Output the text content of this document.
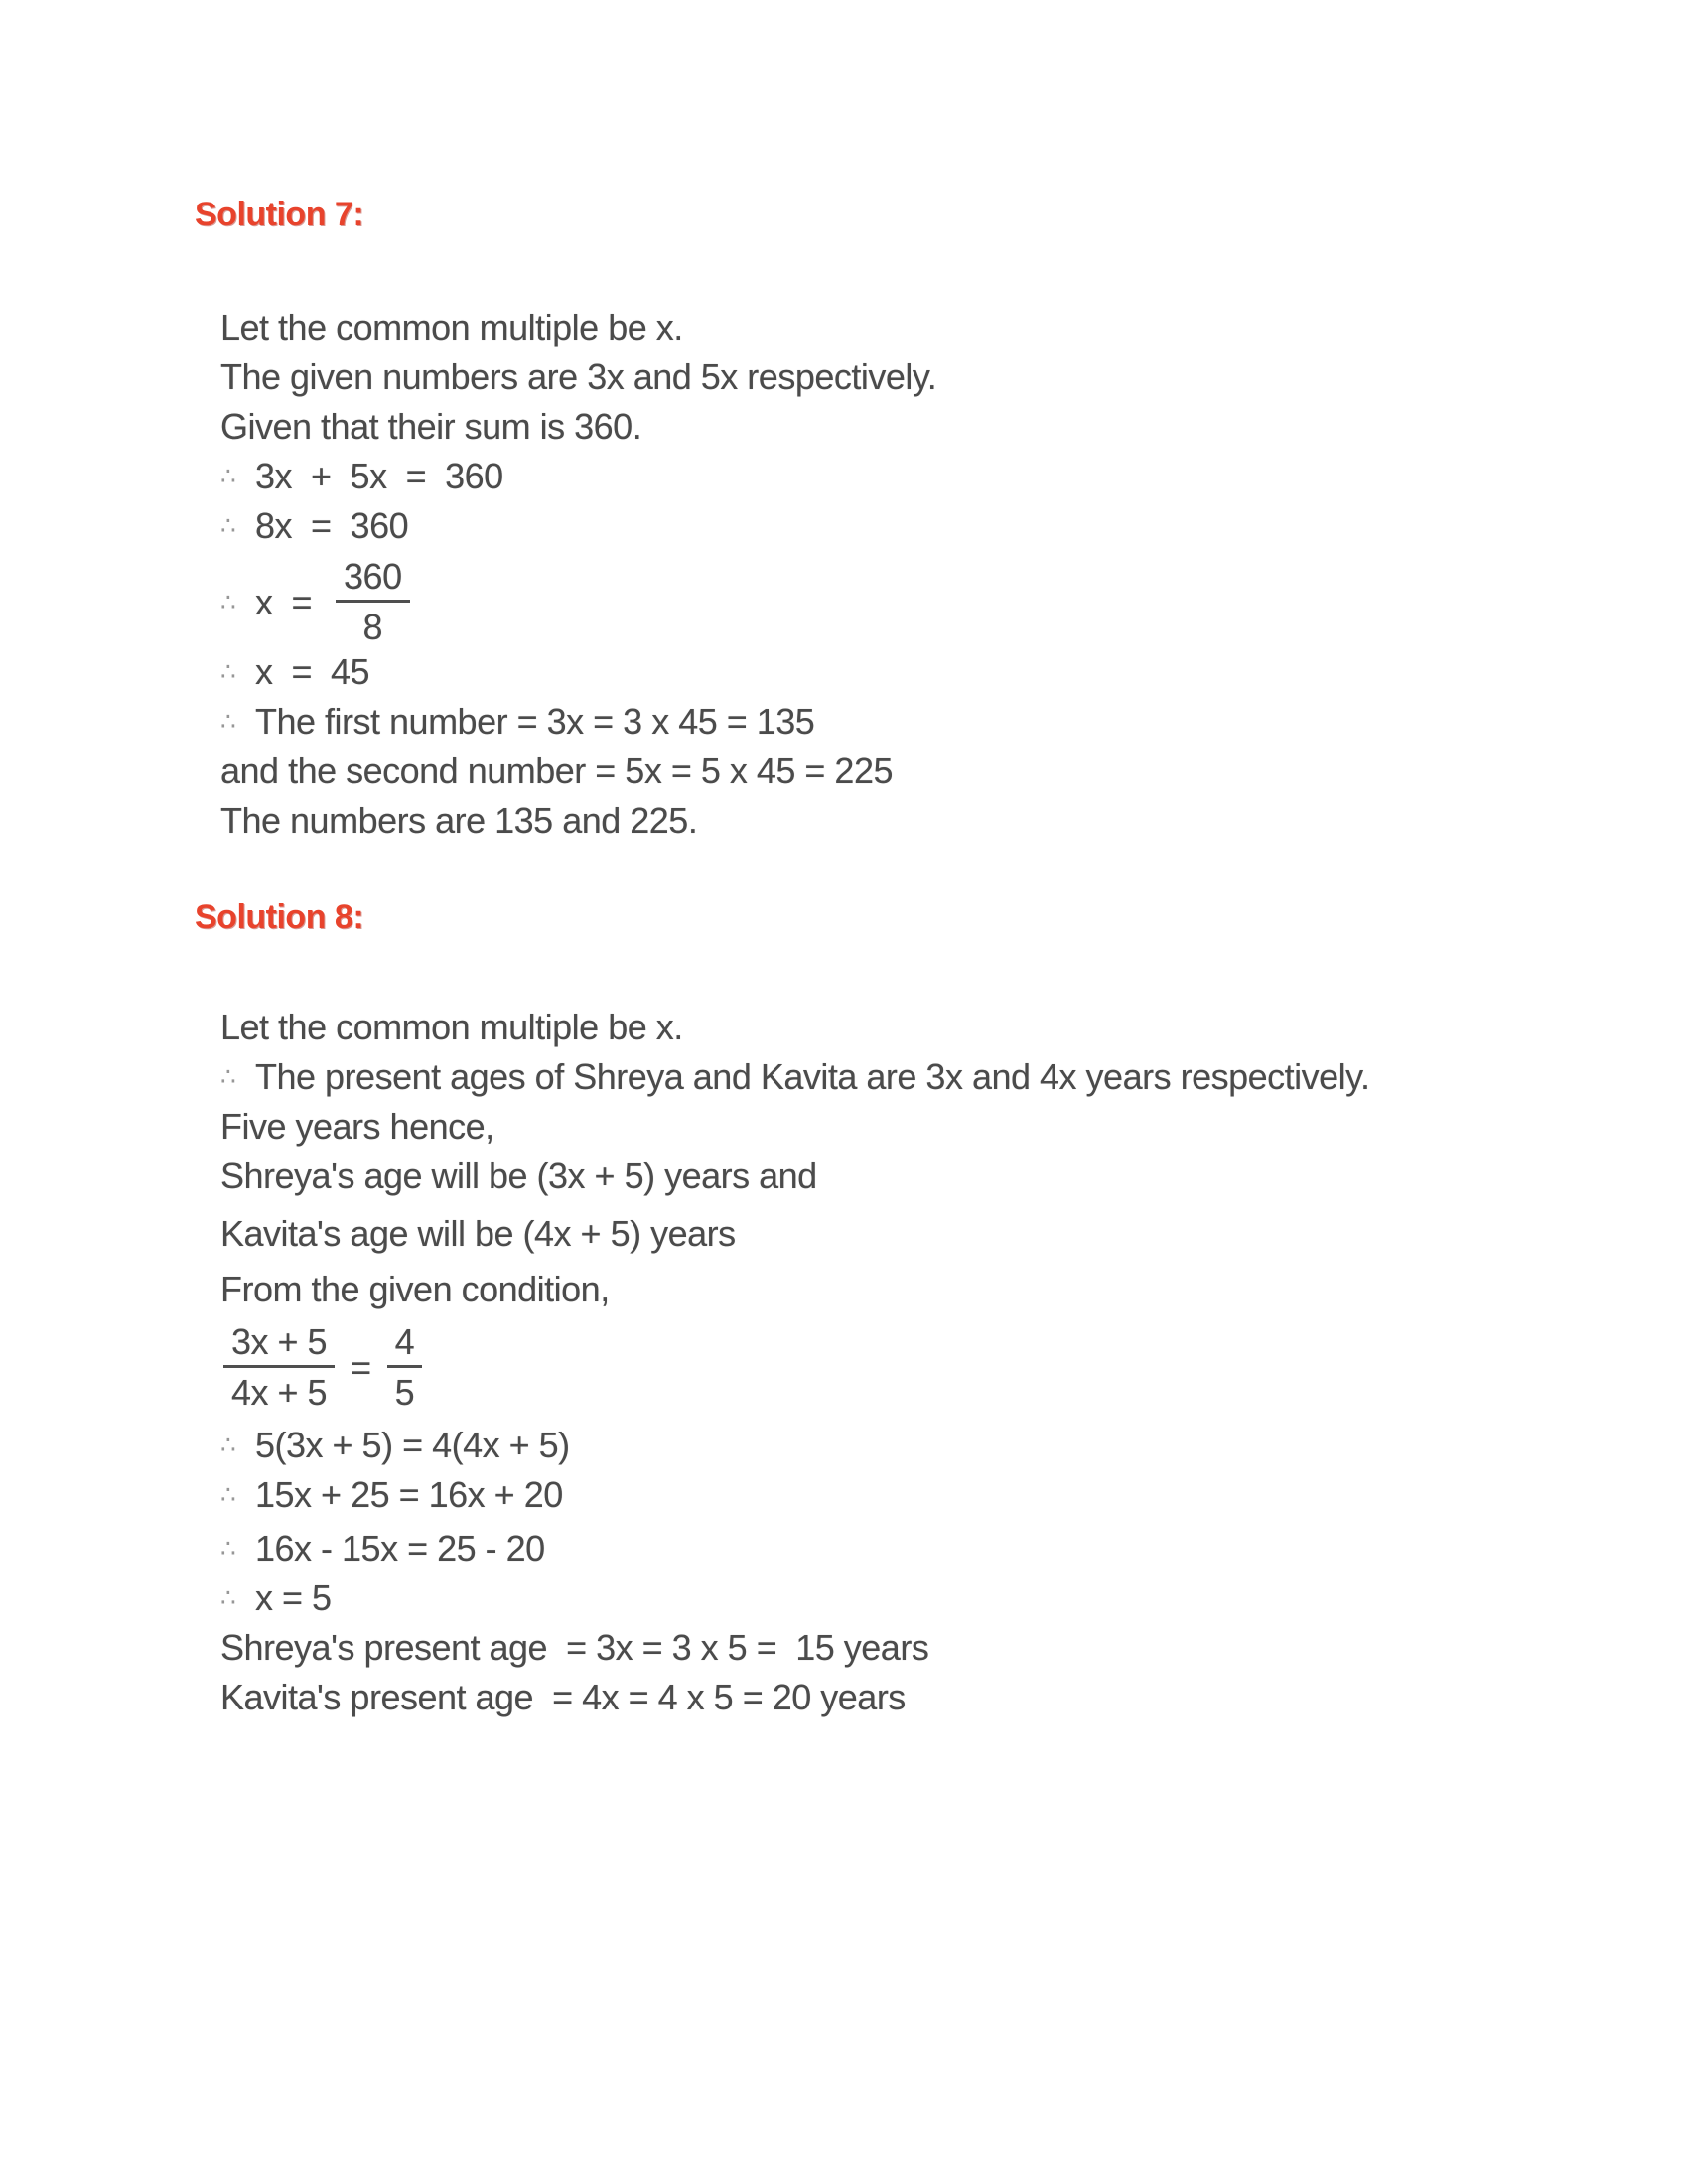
Solution 7:
Let the common multiple be x.
The given numbers are 3x and 5x respectively.
Given that their sum is 360.
∴ 3x  +  5x  =  360
∴ 8x  =  360
∴ $x = \frac{360}{8}$
∴ x  =  45
∴ The first number = 3x = 3 x 45 = 135
and the second number = 5x = 5 x 45 = 225
The numbers are 135 and 225.
Solution 8:
Let the common multiple be x.
∴ The present ages of Shreya and Kavita are 3x and 4x years respectively.
Five years hence,
Shreya's age will be (3x + 5) years and
Kavita's age will be (4x + 5) years
From the given condition,
$\frac{3x + 5}{4x + 5} = \frac{4}{5}$
∴ 5(3x + 5) = 4(4x + 5)
∴ 15x + 25 = 16x + 20
∴ 16x - 15x = 25 - 20
∴ x = 5
Shreya's present age  = 3x = 3 x 5 =  15 years
Kavita's present age  = 4x = 4 x 5 = 20 years
